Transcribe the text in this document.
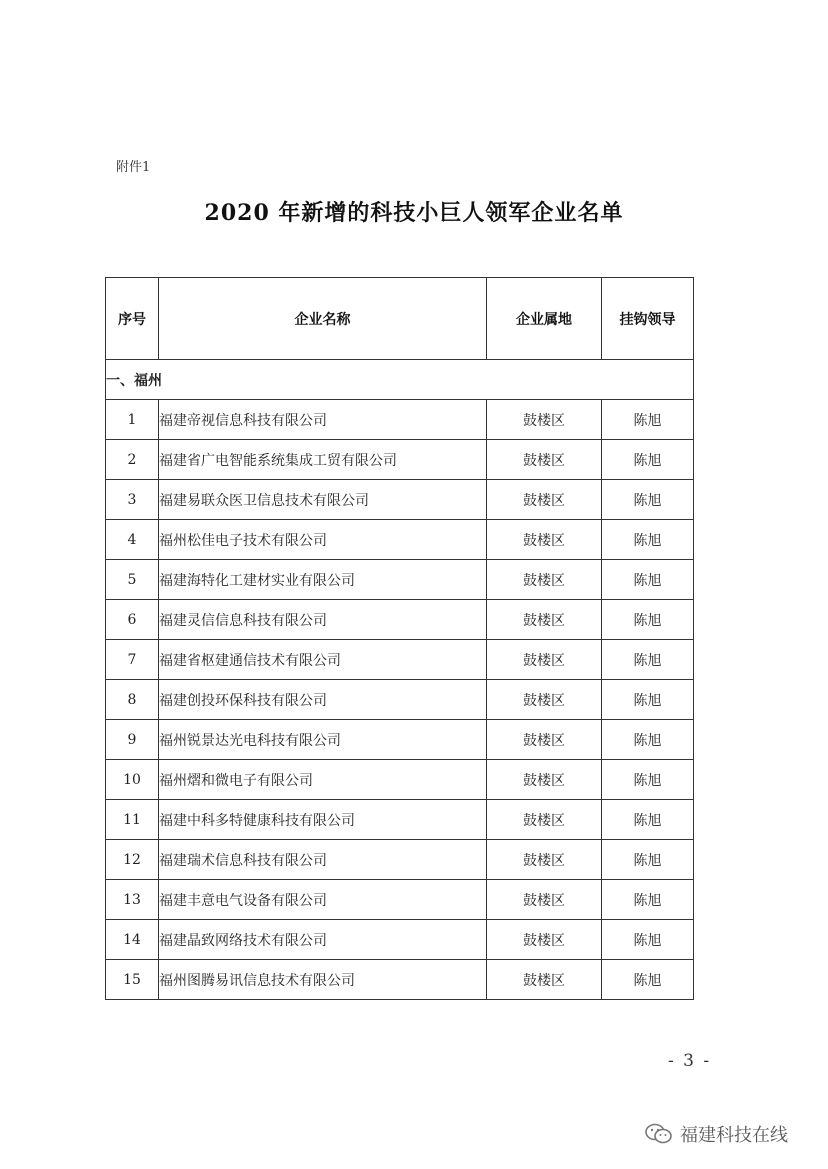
附件1
2020 年新增的科技小巨人领军企业名单
序号	企业名称	企业属地	挂钩领导
一、福州			
1	福建帝视信息科技有限公司	鼓楼区	陈旭
2	福建省广电智能系统集成工贸有限公司	鼓楼区	陈旭
3	福建易联众医卫信息技术有限公司	鼓楼区	陈旭
4	福州松佳电子技术有限公司	鼓楼区	陈旭
5	福建海特化工建材实业有限公司	鼓楼区	陈旭
6	福建灵信信息科技有限公司	鼓楼区	陈旭
7	福建省枢建通信技术有限公司	鼓楼区	陈旭
8	福建创投环保科技有限公司	鼓楼区	陈旭
9	福州锐景达光电科技有限公司	鼓楼区	陈旭
10	福州熠和微电子有限公司	鼓楼区	陈旭
11	福建中科多特健康科技有限公司	鼓楼区	陈旭
12	福建瑞术信息科技有限公司	鼓楼区	陈旭
13	福建丰意电气设备有限公司	鼓楼区	陈旭
14	福建晶致网络技术有限公司	鼓楼区	陈旭
15	福州图腾易讯信息技术有限公司	鼓楼区	陈旭
- 3 -
福建科技在线
